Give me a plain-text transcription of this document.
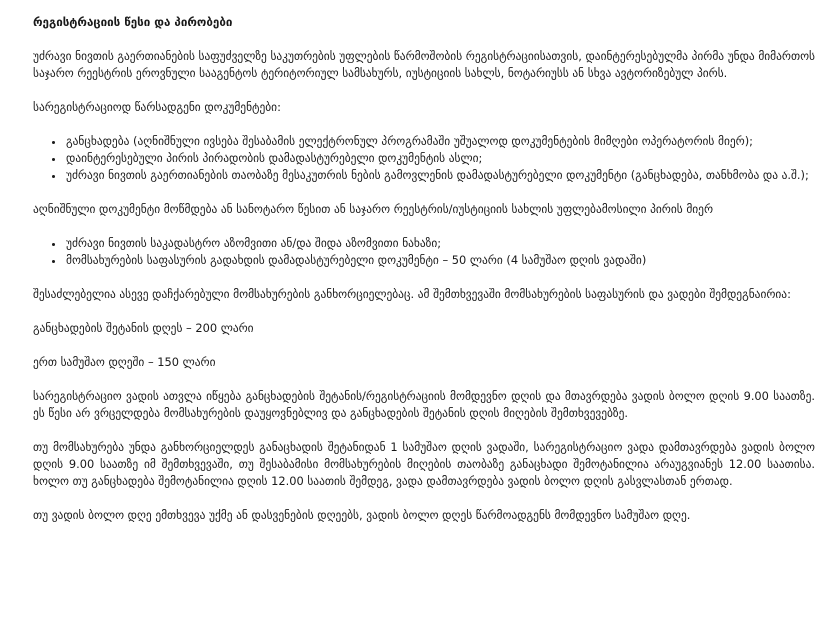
რეგისტრაციის წესი და პირობები

უძრავი ნივთის გაერთიანების საფუძველზე საკუთრების უფლების წარმოშობის რეგისტრაციისათვის, დაინტერესებულმა პირმა უნდა მიმართოს საჯარო რეესტრის ეროვნული სააგენტოს ტერიტორიულ სამსახურს, იუსტიციის სახლს, ნოტარიუსს ან სხვა ავტორიზებულ პირს.

სარეგისტრაციოდ წარსადგენი დოკუმენტები:

• განცხადება (აღნიშნული ივსება შესაბამის ელექტრონულ პროგრამაში უშუალოდ დოკუმენტების მიმღები ოპერატორის მიერ);
• დაინტერესებული პირის პირადობის დამადასტურებელი დოკუმენტის ასლი;
• უძრავი ნივთის გაერთიანების თაობაზე მესაკუთრის ნების გამოვლენის დამადასტურებელი დოკუმენტი (განცხადება, თანხმობა და ა.შ.);

აღნიშნული დოკუმენტი მოწმდება ან სანოტარო წესით ან საჯარო რეესტრის/იუსტიციის სახლის უფლებამოსილი პირის მიერ

• უძრავი ნივთის საკადასტრო აზომვითი ან/და შიდა აზომვითი ნახაზი;
• მომსახურების საფასურის გადახდის დამადასტურებელი დოკუმენტი – 50 ლარი (4 სამუშაო დღის ვადაში)

შესაძლებელია ასევე დაჩქარებული მომსახურების განხორციელებაც. ამ შემთხვევაში მომსახურების საფასურის და ვადები შემდეგნაირია:

განცხადების შეტანის დღეს – 200 ლარი

ერთ სამუშაო დღეში – 150 ლარი

სარეგისტრაციო ვადის ათვლა იწყება განცხადების შეტანის/რეგისტრაციის მომდევნო დღის და მთავრდება ვადის ბოლო დღის 9.00 საათზე. ეს წესი არ ვრცელდება მომსახურების დაუყოვნებლივ და განცხადების შეტანის დღის მიღების შემთხვევებზე.

თუ მომსახურება უნდა განხორციელდეს განაცხადის შეტანიდან 1 სამუშაო დღის ვადაში, სარეგისტრაციო ვადა დამთავრდება ვადის ბოლო დღის 9.00 საათზე იმ შემთხვევაში, თუ შესაბამისი მომსახურების მიღების თაობაზე განაცხადი შემოტანილია არაუგვიანეს 12.00 საათისა. ხოლო თუ განცხადება შემოტანილია დღის 12.00 საათის შემდეგ, ვადა დამთავრდება ვადის ბოლო დღის გასვლასთან ერთად.

თუ ვადის ბოლო დღე ემთხვევა უქმე ან დასვენების დღეებს, ვადის ბოლო დღეს წარმოადგენს მომდევნო სამუშაო დღე.
